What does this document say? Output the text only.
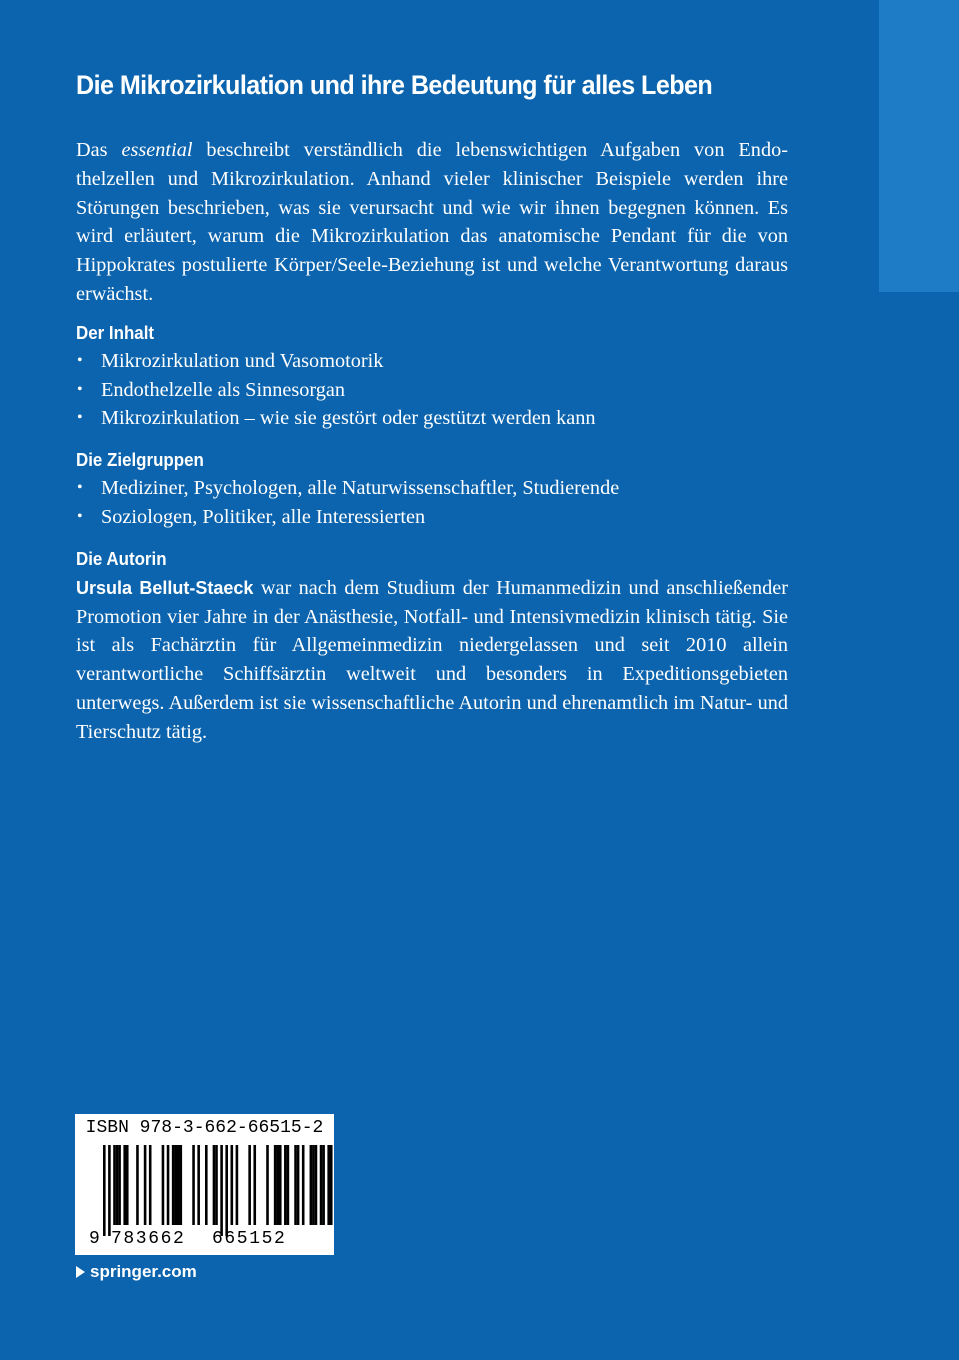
Die Mikrozirkulation und ihre Bedeutung für alles Leben

Das essential beschreibt verständlich die lebenswichtigen Aufgaben von Endothelzellen und Mikrozirkulation. Anhand vieler klinischer Beispiele werden ihre Störungen beschrieben, was sie verursacht und wie wir ihnen begegnen können. Es wird erläutert, warum die Mikrozirkulation das anatomische Pendant für die von Hippokrates postulierte Körper/Seele-Beziehung ist und welche Verantwortung daraus erwächst.

Der Inhalt
• Mikrozirkulation und Vasomotorik
• Endothelzelle als Sinnesorgan
• Mikrozirkulation – wie sie gestört oder gestützt werden kann
Die Zielgruppen
• Mediziner, Psychologen, alle Naturwissenschaftler, Studierende
• Soziologen, Politiker, alle Interessierten
Die Autorin

Ursula Bellut-Staeck war nach dem Studium der Humanmedizin und anschließender Promotion vier Jahre in der Anästhesie, Notfall- und Intensivmedizin klinisch tätig. Sie ist als Fachärztin für Allgemeinmedizin niedergelassen und seit 2010 allein verantwortliche Schiffsärztin weltweit und besonders in Expeditionsgebieten unterwegs. Außerdem ist sie wissenschaftliche Autorin und ehrenamtlich im Natur- und Tierschutz tätig.

ISBN 978-3-662-66515-2
9 783662 665152
springer.com
